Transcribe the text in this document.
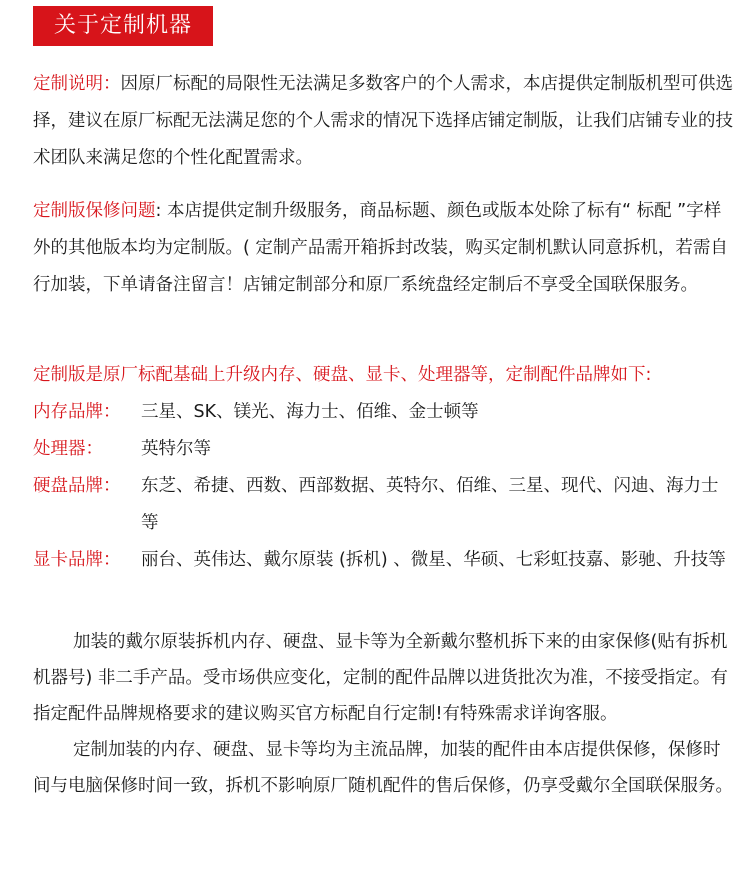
关于定制机器

定制说明：因原厂标配的局限性无法满足多数客户的个人需求，本店提供定制版机型可供选择，建议在原厂标配无法满足您的个人需求的情况下选择店铺定制版，让我们店铺专业的技术团队来满足您的个性化配置需求。

定制版保修问题: 本店提供定制升级服务，商品标题、颜色或版本处除了标有“ 标配 ”字样外的其他版本均为定制版。( 定制产品需开箱拆封改装，购买定制机默认同意拆机，若需自行加装，下单请备注留言！店铺定制部分和原厂系统盘经定制后不享受全国联保服务。

定制版是原厂标配基础上升级内存、硬盘、显卡、处理器等，定制配件品牌如下:

内存品牌：	三星、SK、镁光、海力士、佰维、金士顿等
处理器：	英特尔等
硬盘品牌：	东芝、希捷、西数、西部数据、英特尔、佰维、三星、现代、闪迪、海力士等
显卡品牌：	丽台、英伟达、戴尔原装 (拆机) 、微星、华硕、七彩虹技嘉、影驰、升技等

加装的戴尔原装拆机内存、硬盘、显卡等为全新戴尔整机拆下来的由家保修(贴有拆机机器号) 非二手产品。受市场供应变化，定制的配件品牌以进货批次为准，不接受指定。有指定配件品牌规格要求的建议购买官方标配自行定制!有特殊需求详询客服。

定制加装的内存、硬盘、显卡等均为主流品牌，加装的配件由本店提供保修，保修时间与电脑保修时间一致，拆机不影响原厂随机配件的售后保修，仍享受戴尔全国联保服务。
